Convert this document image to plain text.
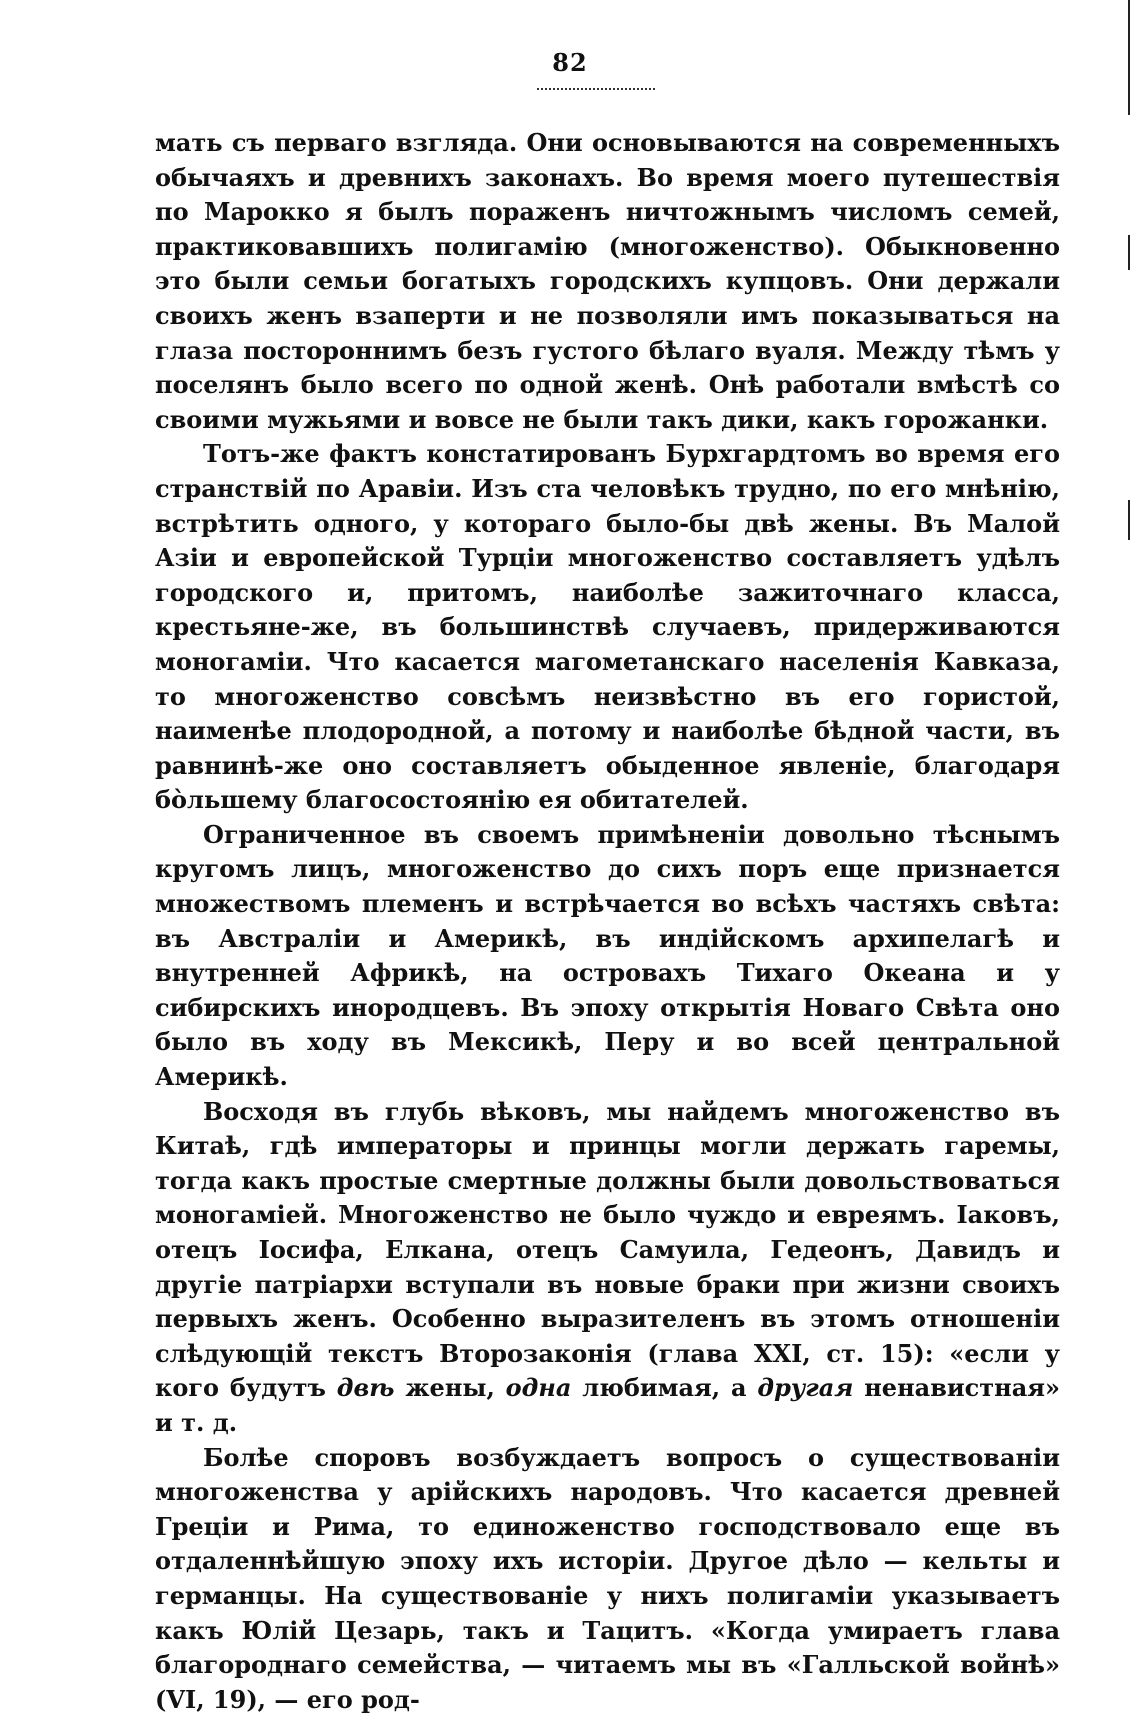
82

мать съ перваго взгляда. Они основываются на современныхъ обычаяхъ и древнихъ законахъ. Во время моего путешествія по Марокко я былъ пораженъ ничтожнымъ числомъ семей, практиковавшихъ полигамію (многоженство). Обыкновенно это были семьи богатыхъ городскихъ купцовъ. Они держали своихъ женъ взаперти и не позволяли имъ показываться на глаза постороннимъ безъ густого бѣлаго вуаля. Между тѣмъ у поселянъ было всего по одной женѣ. Онѣ работали вмѣстѣ со своими мужьями и вовсе не были такъ дики, какъ горожанки.

Тотъ-же фактъ констатированъ Бурхгардтомъ во время его странствій по Аравіи. Изъ ста человѣкъ трудно, по его мнѣнію, встрѣтить одного, у котораго было-бы двѣ жены. Въ Малой Азіи и европейской Турціи многоженство составляетъ удѣлъ городского и, притомъ, наиболѣе зажиточнаго класса, крестьяне-же, въ большинствѣ случаевъ, придерживаются моногаміи. Что касается магометанскаго населенія Кавказа, то многоженство совсѣмъ неизвѣстно въ его гористой, наименѣе плодородной, а потому и наиболѣе бѣдной части, въ равнинѣ-же оно составляетъ обыденное явленіе, благодаря бо̀льшему благосостоянію ея обитателей.

Ограниченное въ своемъ примѣненіи довольно тѣснымъ кругомъ лицъ, многоженство до сихъ поръ еще признается множествомъ племенъ и встрѣчается во всѣхъ частяхъ свѣта: въ Австраліи и Америкѣ, въ индійскомъ архипелагѣ и внутренней Африкѣ, на островахъ Тихаго Океана и у сибирскихъ инородцевъ. Въ эпоху открытія Новаго Свѣта оно было въ ходу въ Мексикѣ, Перу и во всей центральной Америкѣ.

Восходя въ глубь вѣковъ, мы найдемъ многоженство въ Китаѣ, гдѣ императоры и принцы могли держать гаремы, тогда какъ простые смертные должны были довольствоваться моногаміей. Многоженство не было чуждо и евреямъ. Іаковъ, отецъ Іосифа, Елкана, отецъ Самуила, Гедеонъ, Давидъ и другіе патріархи вступали въ новые браки при жизни своихъ первыхъ женъ. Особенно выразителенъ въ этомъ отношеніи слѣдующій текстъ Второзаконія (глава XXI, ст. 15): «если у кого будутъ двѣ жены, одна любимая, а другая ненавистная» и т. д.

Болѣе споровъ возбуждаетъ вопросъ о существованіи многоженства у арійскихъ народовъ. Что касается древней Греціи и Рима, то единоженство господствовало еще въ отдаленнѣйшую эпоху ихъ исторіи. Другое дѣло — кельты и германцы. На существованіе у нихъ полигаміи указываетъ какъ Юлій Цезарь, такъ и Тацитъ. «Когда умираетъ глава благороднаго семейства, — читаемъ мы въ «Галльской войнѣ» (VI, 19), — его род-
